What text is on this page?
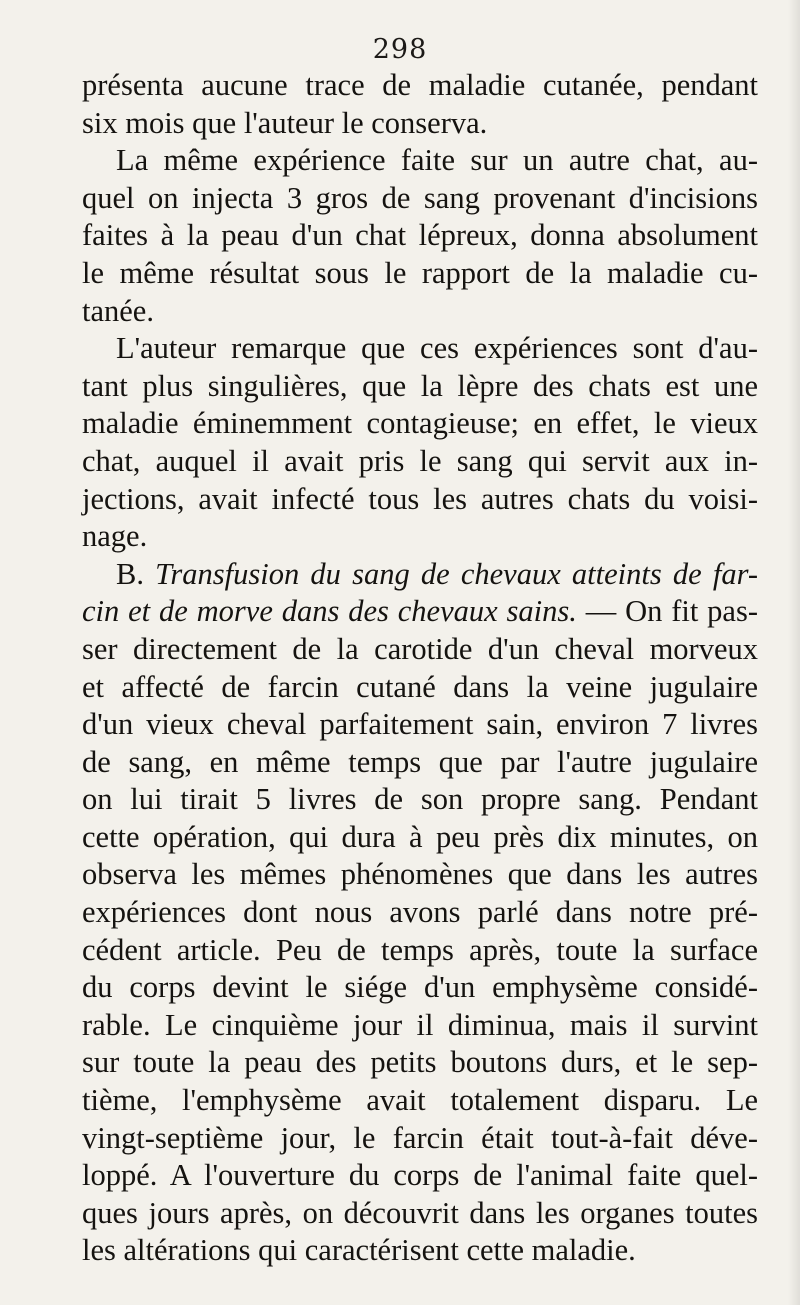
298
présenta aucune trace de maladie cutanée, pendant
six mois que l'auteur le conserva.
La même expérience faite sur un autre chat, au-
quel on injecta 3 gros de sang provenant d'incisions
faites à la peau d'un chat lépreux, donna absolument
le même résultat sous le rapport de la maladie cu-
tanée.
L'auteur remarque que ces expériences sont d'au-
tant plus singulières, que la lèpre des chats est une
maladie éminemment contagieuse; en effet, le vieux
chat, auquel il avait pris le sang qui servit aux in-
jections, avait infecté tous les autres chats du voisi-
nage.
B. Transfusion du sang de chevaux atteints de far-
cin et de morve dans des chevaux sains. — On fit pas-
ser directement de la carotide d'un cheval morveux
et affecté de farcin cutané dans la veine jugulaire
d'un vieux cheval parfaitement sain, environ 7 livres
de sang, en même temps que par l'autre jugulaire
on lui tirait 5 livres de son propre sang. Pendant
cette opération, qui dura à peu près dix minutes, on
observa les mêmes phénomènes que dans les autres
expériences dont nous avons parlé dans notre pré-
cédent article. Peu de temps après, toute la surface
du corps devint le siége d'un emphysème considé-
rable. Le cinquième jour il diminua, mais il survint
sur toute la peau des petits boutons durs, et le sep-
tième, l'emphysème avait totalement disparu. Le
vingt-septième jour, le farcin était tout-à-fait déve-
loppé. A l'ouverture du corps de l'animal faite quel-
ques jours après, on découvrit dans les organes toutes
les altérations qui caractérisent cette maladie.
